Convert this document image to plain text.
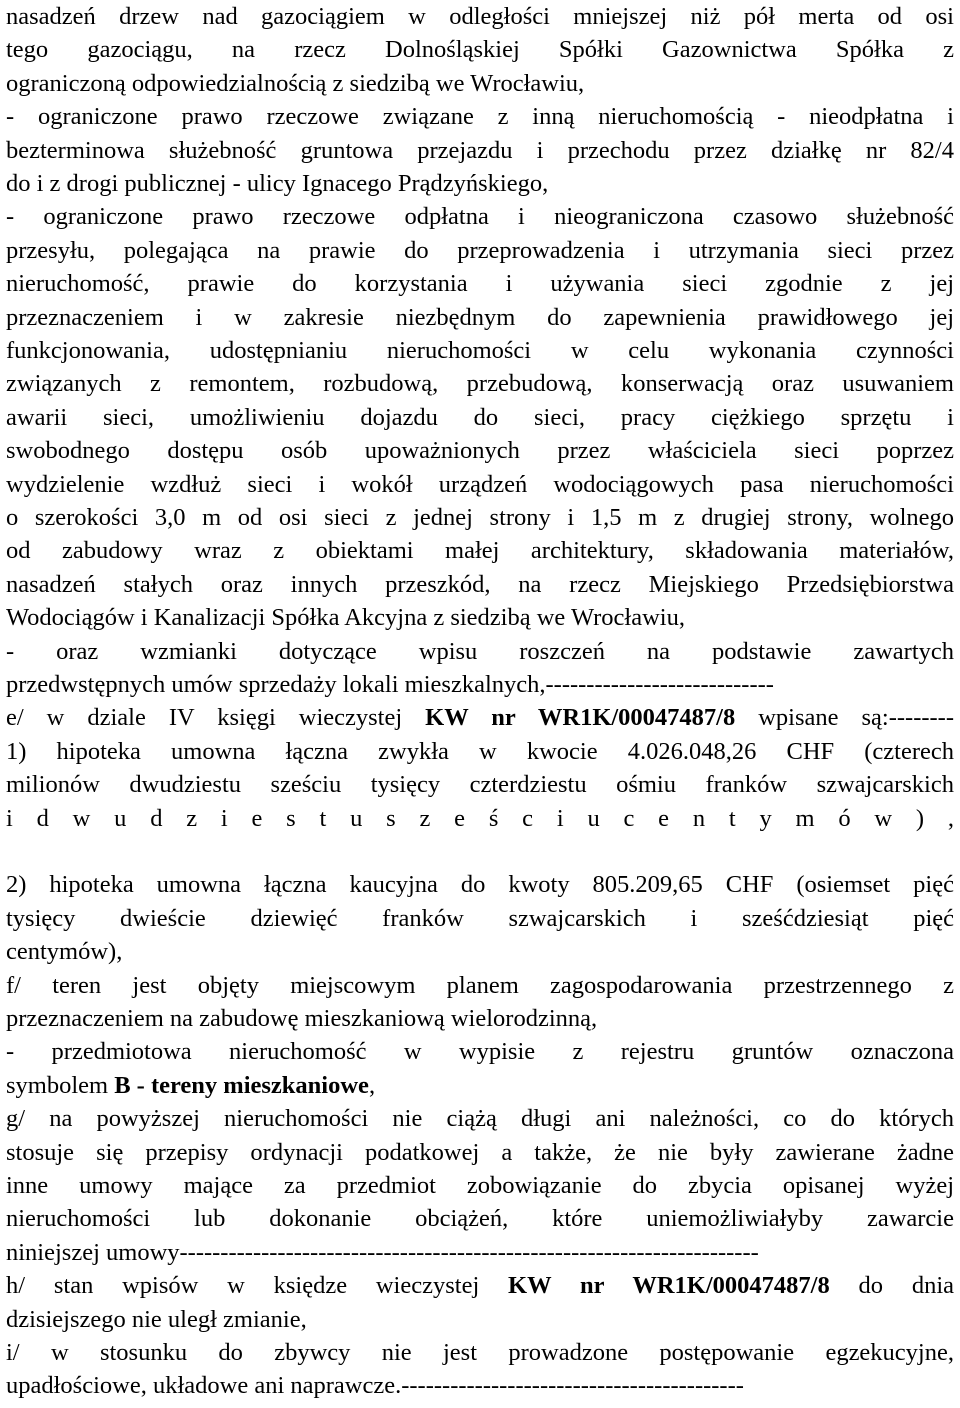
nasadzeń drzew nad gazociągiem w odległości mniejszej niż pół merta od osi
tego gazociągu, na rzecz Dolnośląskiej Spółki Gazownictwa Spółka z
ograniczoną odpowiedzialnością z siedzibą we Wrocławiu,
- ograniczone prawo rzeczowe związane z inną nieruchomością - nieodpłatna i
bezterminowa służebność gruntowa przejazdu i przechodu przez działkę nr 82/4
do i z drogi publicznej - ulicy Ignacego Prądzyńskiego,
- ograniczone prawo rzeczowe odpłatna i nieograniczona czasowo służebność
przesyłu, polegająca na prawie do przeprowadzenia i utrzymania sieci przez
nieruchomość, prawie do korzystania i używania sieci zgodnie z jej
przeznaczeniem i w zakresie niezbędnym do zapewnienia prawidłowego jej
funkcjonowania, udostępnianiu nieruchomości w celu wykonania czynności
związanych z remontem, rozbudową, przebudową, konserwacją oraz usuwaniem
awarii sieci, umożliwieniu dojazdu do sieci, pracy ciężkiego sprzętu i
swobodnego dostępu osób upoważnionych przez właściciela sieci poprzez
wydzielenie wzdłuż sieci i wokół urządzeń wodociągowych pasa nieruchomości
o szerokości 3,0 m od osi sieci z jednej strony i 1,5 m z drugiej strony, wolnego
od zabudowy wraz z obiektami małej architektury, składowania materiałów,
nasadzeń stałych oraz innych przeszkód, na rzecz Miejskiego Przedsiębiorstwa
Wodociągów i Kanalizacji Spółka Akcyjna z siedzibą we Wrocławiu,
- oraz wzmianki dotyczące wpisu roszczeń na podstawie zawartych
przedwstępnych umów sprzedaży lokali mieszkalnych,----------------------------
e/ w dziale IV księgi wieczystej KW nr WR1K/00047487/8 wpisane są:--------
1) hipoteka umowna łączna zwykła w kwocie 4.026.048,26 CHF (czterech
milionów dwudziestu sześciu tysięcy czterdziestu ośmiu franków szwajcarskich
i d w u d z i e s t u s z e ś c i u c e n t y m ó w ) ,
2) hipoteka umowna łączna kaucyjna do kwoty 805.209,65 CHF (osiemset pięć
tysięcy dwieście dziewięć franków szwajcarskich i sześćdziesiąt pięć
centymów),
f/ teren jest objęty miejscowym planem zagospodarowania przestrzennego z
przeznaczeniem na zabudowę mieszkaniową wielorodzinną,
- przedmiotowa nieruchomość w wypisie z rejestru gruntów oznaczona
symbolem B - tereny mieszkaniowe,
g/ na powyższej nieruchomości nie ciążą długi ani należności, co do których
stosuje się przepisy ordynacji podatkowej a także, że nie były zawierane żadne
inne umowy mające za przedmiot zobowiązanie do zbycia opisanej wyżej
nieruchomości lub dokonanie obciążeń, które uniemożliwiałyby zawarcie
niniejszej umowy-----------------------------------------------------------------------
h/ stan wpisów w księdze wieczystej KW nr WR1K/00047487/8 do dnia
dzisiejszego nie uległ zmianie,
i/ w stosunku do zbywcy nie jest prowadzone postępowanie egzekucyjne,
upadłościowe, układowe ani naprawcze.------------------------------------------
